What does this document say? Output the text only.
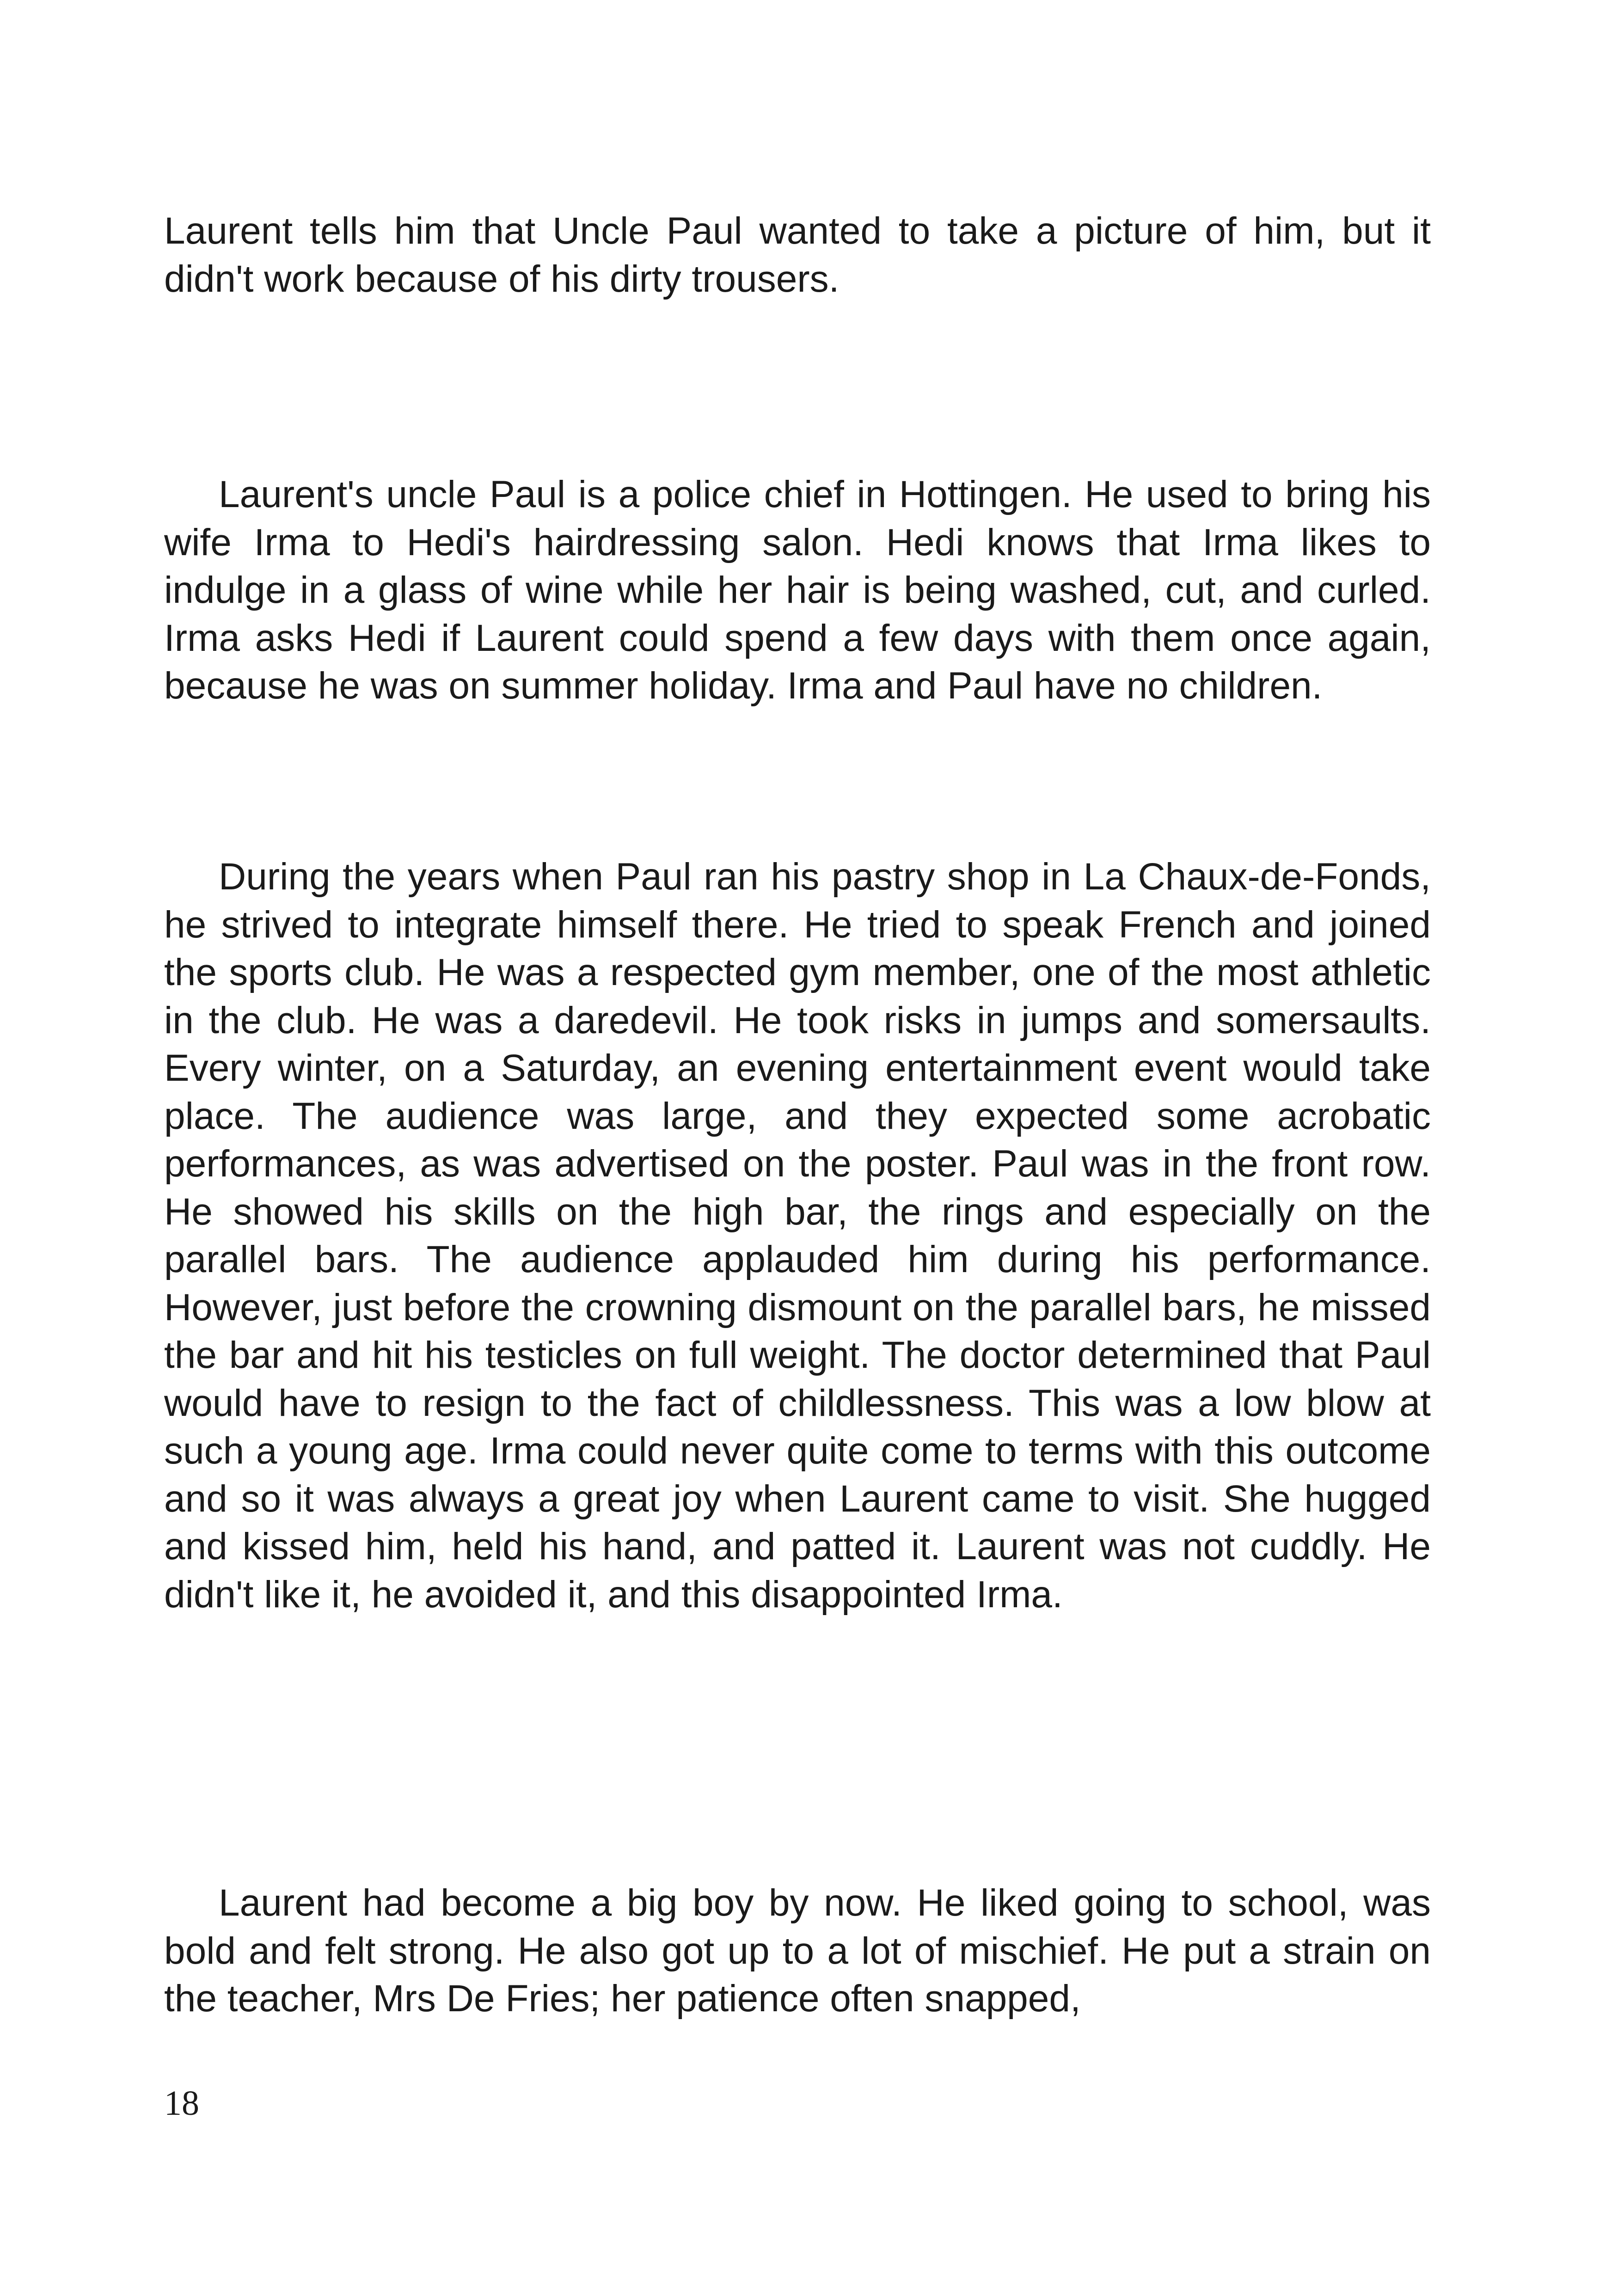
Laurent tells him that Uncle Paul wanted to take a picture of him, but it didn't work because of his dirty trousers.

Laurent's uncle Paul is a police chief in Hottingen. He used to bring his wife Irma to Hedi's hairdressing salon. Hedi knows that Irma likes to indulge in a glass of wine while her hair is being washed, cut, and curled. Irma asks Hedi if Laurent could spend a few days with them once again, because he was on summer holiday. Irma and Paul have no children.

During the years when Paul ran his pastry shop in La Chaux-de-Fonds, he strived to integrate himself there. He tried to speak French and joined the sports club. He was a respected gym member, one of the most athletic in the club. He was a daredevil. He took risks in jumps and somersaults. Every winter, on a Saturday, an evening entertainment event would take place. The audience was large, and they expected some acrobatic performances, as was advertised on the poster. Paul was in the front row. He showed his skills on the high bar, the rings and especially on the parallel bars. The audience applauded him during his performance. However, just before the crowning dismount on the parallel bars, he missed the bar and hit his testicles on full weight. The doctor determined that Paul would have to resign to the fact of childlessness. This was a low blow at such a young age. Irma could never quite come to terms with this outcome and so it was always a great joy when Laurent came to visit. She hugged and kissed him, held his hand, and patted it. Laurent was not cuddly. He didn't like it, he avoided it, and this disappointed Irma.

Laurent had become a big boy by now. He liked going to school, was bold and felt strong. He also got up to a lot of mischief. He put a strain on the teacher, Mrs De Fries; her patience often snapped,

18
